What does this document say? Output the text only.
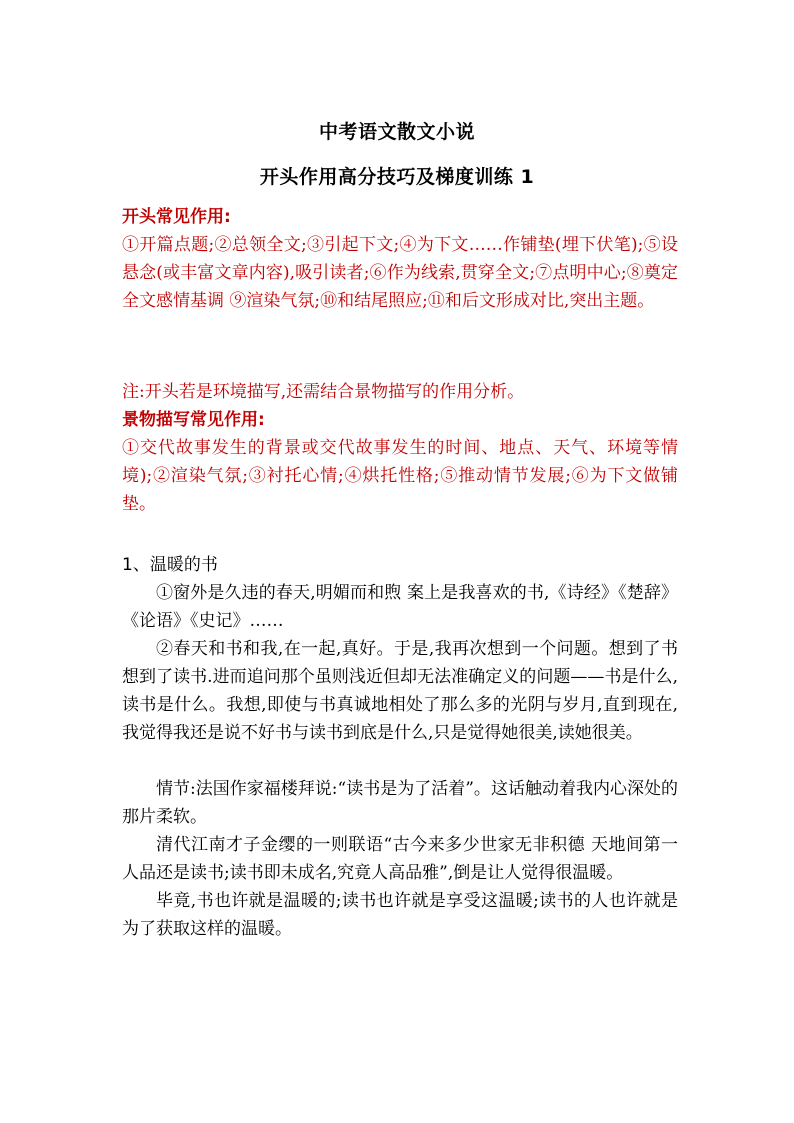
中考语文散文小说
开头作用高分技巧及梯度训练 1

开头常见作用:

①开篇点题;②总领全文;③引起下文;④为下文……作铺垫(埋下伏笔);⑤设悬念(或丰富文章内容),吸引读者;⑥作为线索,贯穿全文;⑦点明中心;⑧奠定全文感情基调 ⑨渲染气氛;⑩和结尾照应;⑪和后文形成对比,突出主题。

注:开头若是环境描写,还需结合景物描写的作用分析。

景物描写常见作用:

①交代故事发生的背景或交代故事发生的时间、地点、天气、环境等情境);②渲染气氛;③衬托心情;④烘托性格;⑤推动情节发展;⑥为下文做铺垫。

1、温暖的书

①窗外是久违的春天,明媚而和煦 案上是我喜欢的书,《诗经》《楚辞》《论语》《史记》……

②春天和书和我,在一起,真好。于是,我再次想到一个问题。想到了书想到了读书.进而追问那个虽则浅近但却无法准确定义的问题——书是什么,读书是什么。我想,即使与书真诚地相处了那么多的光阴与岁月,直到现在,我觉得我还是说不好书与读书到底是什么,只是觉得她很美,读她很美。

情节:法国作家福楼拜说:“读书是为了活着”。这话触动着我内心深处的那片柔软。

清代江南才子金缨的一则联语“古今来多少世家无非积德 天地间第一人品还是读书;读书即未成名,究竟人高品雅”,倒是让人觉得很温暖。

毕竟,书也许就是温暖的;读书也许就是享受这温暖;读书的人也许就是为了获取这样的温暖。
